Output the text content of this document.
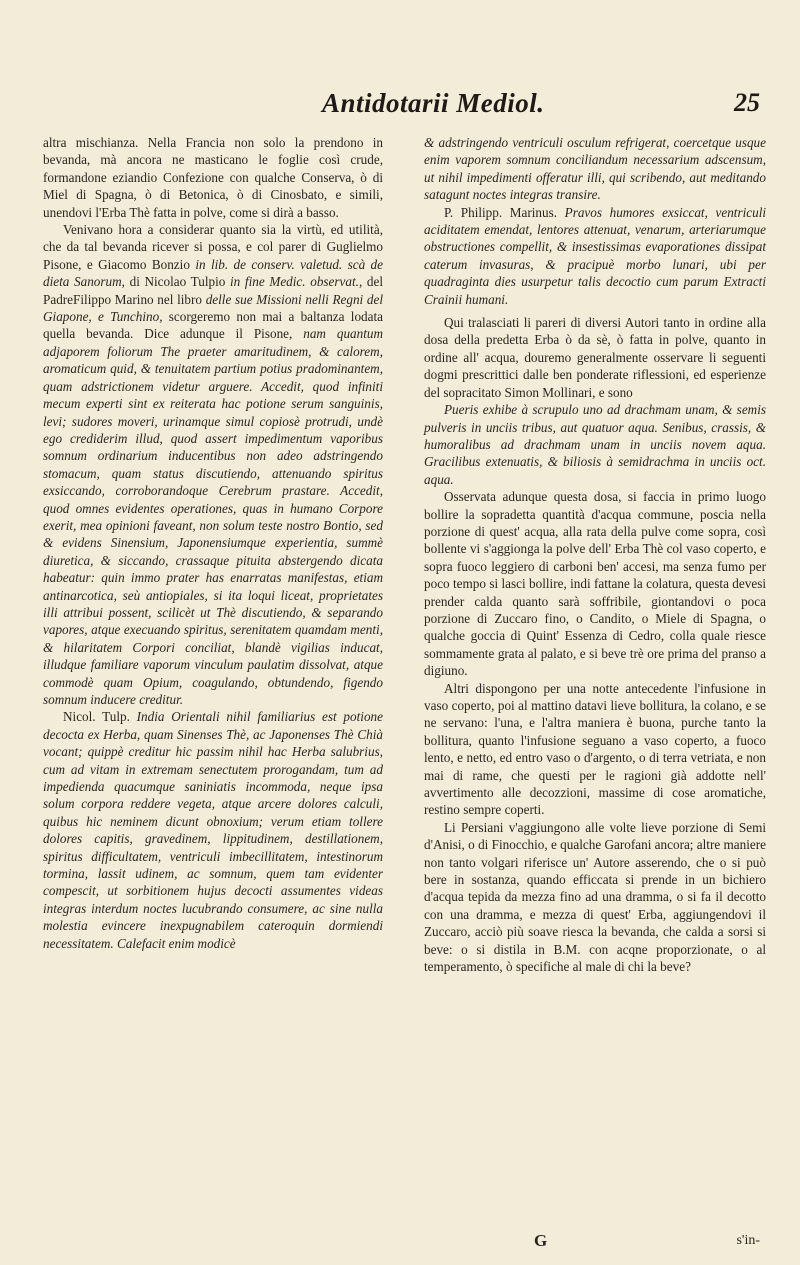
Antidotarii Mediol.	25

altra mischianza. Nella Francia non solo la prendono in bevanda, mà ancora ne masticano le foglie così crude, formandone eziandio Confezione con qualche Conserva, ò di Miel di Spagna, ò di Betonica, ò di Cinosbato, e simili, unendovi l'Erba Thè fatta in polve, come si dirà a basso.

Venivano hora a considerar quanto sia la virtù, ed utilità, che da tal bevanda ricever si possa, e col parer di Guglielmo Pisone, e Giacomo Bonzio in lib. de conserv. valetud. scà de dieta Sanorum, di Nicolao Tulpio in fine Medic. observat., del PadreFilippo Marino nel libro delle sue Missioni nelli Regni del Giapone, e Tunchino, scorgeremo non mai a baltanza lodata quella bevanda. Dice adunque il Pisone, nam quantum adjaporem foliorum The praeter amaritudinem, & calorem, aromaticum quid, & tenuitatem partium potius pradominantem, quam adstrictionem videtur arguere. Accedit, quod infiniti mecum experti sint ex reiterata hac potione serum sanguinis, levi; sudores moveri, urinamque simul copiosè protrudi, undè ego crediderim illud, quod assert impedimentum vaporibus somnum ordinarium inducentibus non adeo adstringendo stomacum, quam status discutiendo, attenuando spiritus exsiccando, corroborandoque Cerebrum prastare. Accedit, quod omnes evidentes operationes, quas in humano Corpore exerit, mea opinioni faveant, non solum teste nostro Bontio, sed & evidens Sinensium, Japonensiumque experientia, summè diuretica, & siccando, crassaque pituita abstergendo dicata habeatur: quin immo prater has enarratas manifestas, etiam antinarcotica, seù antiopiales, si ita loqui liceat, proprietates illi attribui possent, scilicèt ut Thè discutiendo, & separando vapores, atque execuando spiritus, serenitatem quamdam menti, & hilaritatem Corpori conciliat, blandè vigilias inducat, illudque familiare vaporum vinculum paulatim dissolvat, atque commodè quam Opium, coagulando, obtundendo, figendo somnum inducere creditur.

Nicol. Tulp. India Orientali nihil familiarius est potione decocta ex Herba, quam Sinenses Thè, ac Japonenses Thè Chià vocant; quippè creditur hic passim nihil hac Herba salubrius, cum ad vitam in extremam senectutem prorogandam, tum ad impedienda quacumque saniniatis incommoda, neque ipsa solum corpora reddere vegeta, atque arcere dolores calculi, quibus hic neminem dicunt obnoxium; verum etiam tollere dolores capitis, gravedinem, lippitudinem, destillationem, spiritus difficultatem, ventriculi imbecillitatem, intestinorum tormina, lassit udinem, ac somnum, quem tam evidenter compescit, ut sorbitionem hujus decocti assumentes videas integras interdum noctes lucubrando consumere, ac sine nulla molestia evincere inexpugnabilem cateroquin dormiendi necessitatem. Calefacit enim modicè

& adstringendo ventriculi osculum refrigerat, coercetque usque enim vaporem somnum conciliandum necessarium adscensum, ut nihil impedimenti offeratur illi, qui scribendo, aut meditando satagunt noctes integras transire.

P. Philipp. Marinus. Pravos humores exsiccat, ventriculi aciditatem emendat, lentores attenuat, venarum, arteriarumque obstructiones compellit, & insestissimas evaporationes dissipat caterum invasuras, & pracipuè morbo lunari, ubi per quadraginta dies usurpetur talis decoctio cum parum Extracti Crainii humani.

Qui tralasciati li pareri di diversi Autori tanto in ordine alla dosa della predetta Erba ò da sè, ò fatta in polve, quanto in ordine all' acqua, douremo generalmente osservare li seguenti dogmi prescrittici dalle ben ponderate riflessioni, ed esperienze del sopracitato Simon Mollinari, e sono

Pueris exhibe à scrupulo uno ad drachmam unam, & semis pulveris in unciis tribus, aut quatuor aqua. Senibus, crassis, & humoralibus ad drachmam unam in unciis novem aqua. Gracilibus extenuatis, & biliosis à semidrachma in unciis oct. aqua.

Osservata adunque questa dosa, si faccia in primo luogo bollire la sopradetta quantità d'acqua commune, poscia nella porzione di quest' acqua, alla rata della pulve come sopra, così bollente vi s'aggionga la polve dell' Erba Thè col vaso coperto, e sopra fuoco leggiero di carboni ben' accesi, ma senza fumo per poco tempo si lasci bollire, indi fattane la colatura, questa devesi prender calda quanto sarà soffribile, giontandovi o poca porzione di Zuccaro fino, o Candito, o Miele di Spagna, o qualche goccia di Quint' Essenza di Cedro, colla quale riesce sommamente grata al palato, e si beve trè ore prima del pranso a digiuno.

Altri dispongono per una notte antecedente l'infusione in vaso coperto, poi al mattino datavi lieve bollitura, la colano, e se ne servano: l'una, e l'altra maniera è buona, purche tanto la bollitura, quanto l'infusione seguano a vaso coperto, a fuoco lento, e netto, ed entro vaso o d'argento, o di terra vetriata, e non mai di rame, che questi per le ragioni già addotte nell' avvertimento alle decozzioni, massime di cose aromatiche, restino sempre coperti.

Li Persiani v'aggiungono alle volte lieve porzione di Semi d'Anisi, o di Finocchio, e qualche Garofani ancora; altre maniere non tanto volgari riferisce un' Autore asserendo, che o si può bere in sostanza, quando efficcata si prende in un bichiero d'acqua tepida da mezza fino ad una dramma, o si fa il decotto con una dramma, e mezza di quest' Erba, aggiungendovi il Zuccaro, acciò più soave riesca la bevanda, che calda a sorsi si beve: o si distila in B.M. con acqne proporzionate, o al temperamento, ò specifiche al male di chi la beve?

G	s'in-
